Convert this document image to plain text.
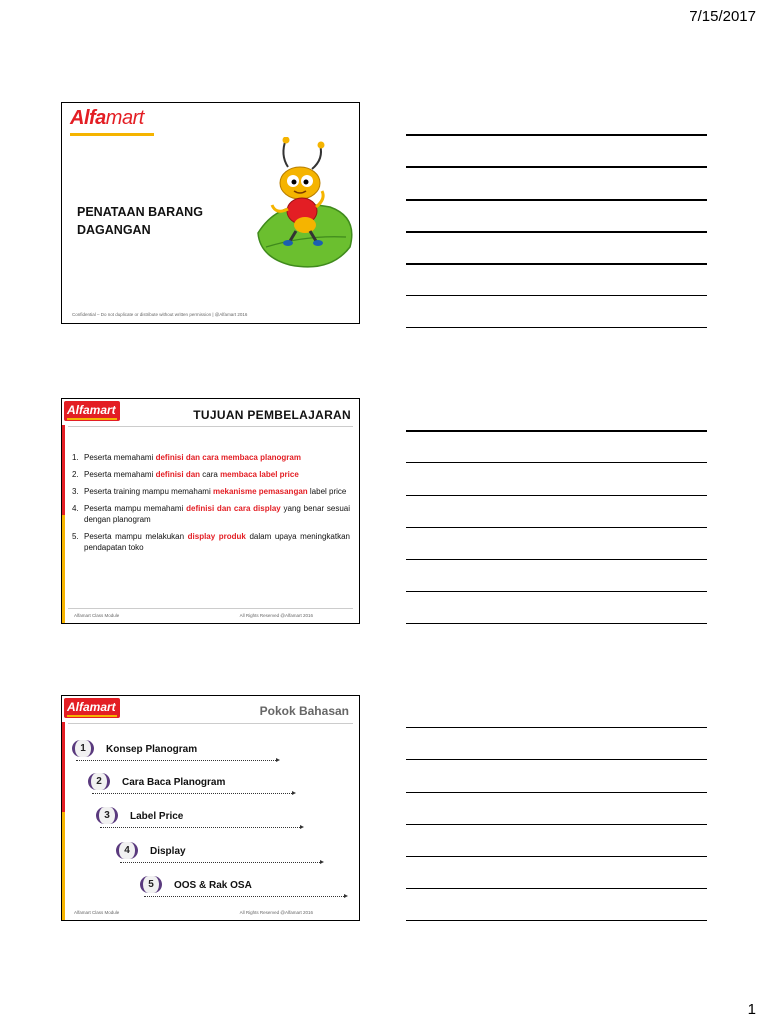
7/15/2017
Alfamart
PENATAAN BARANG
DAGANGAN
Confidential – Do not duplicate or distribute without written permission | @Alfamart 2016
Alfamart	TUJUAN PEMBELAJARAN
1. Peserta memahami definisi dan cara membaca planogram
2. Peserta memahami definisi dan cara membaca label price
3. Peserta training mampu memahami mekanisme pemasangan label price
4. Peserta mampu memahami definisi dan cara display yang benar sesuai dengan planogram
5. Peserta mampu melakukan display produk dalam upaya meningkatkan pendapatan toko
Alfamart Class Module	All Rights Reserved @Alfamart 2016
Alfamart	Pokok Bahasan
1	Konsep Planogram
2	Cara Baca Planogram
3	Label Price
4	Display
5	OOS & Rak OSA
Alfamart Class Module	All Rights Reserved @Alfamart 2016
1
